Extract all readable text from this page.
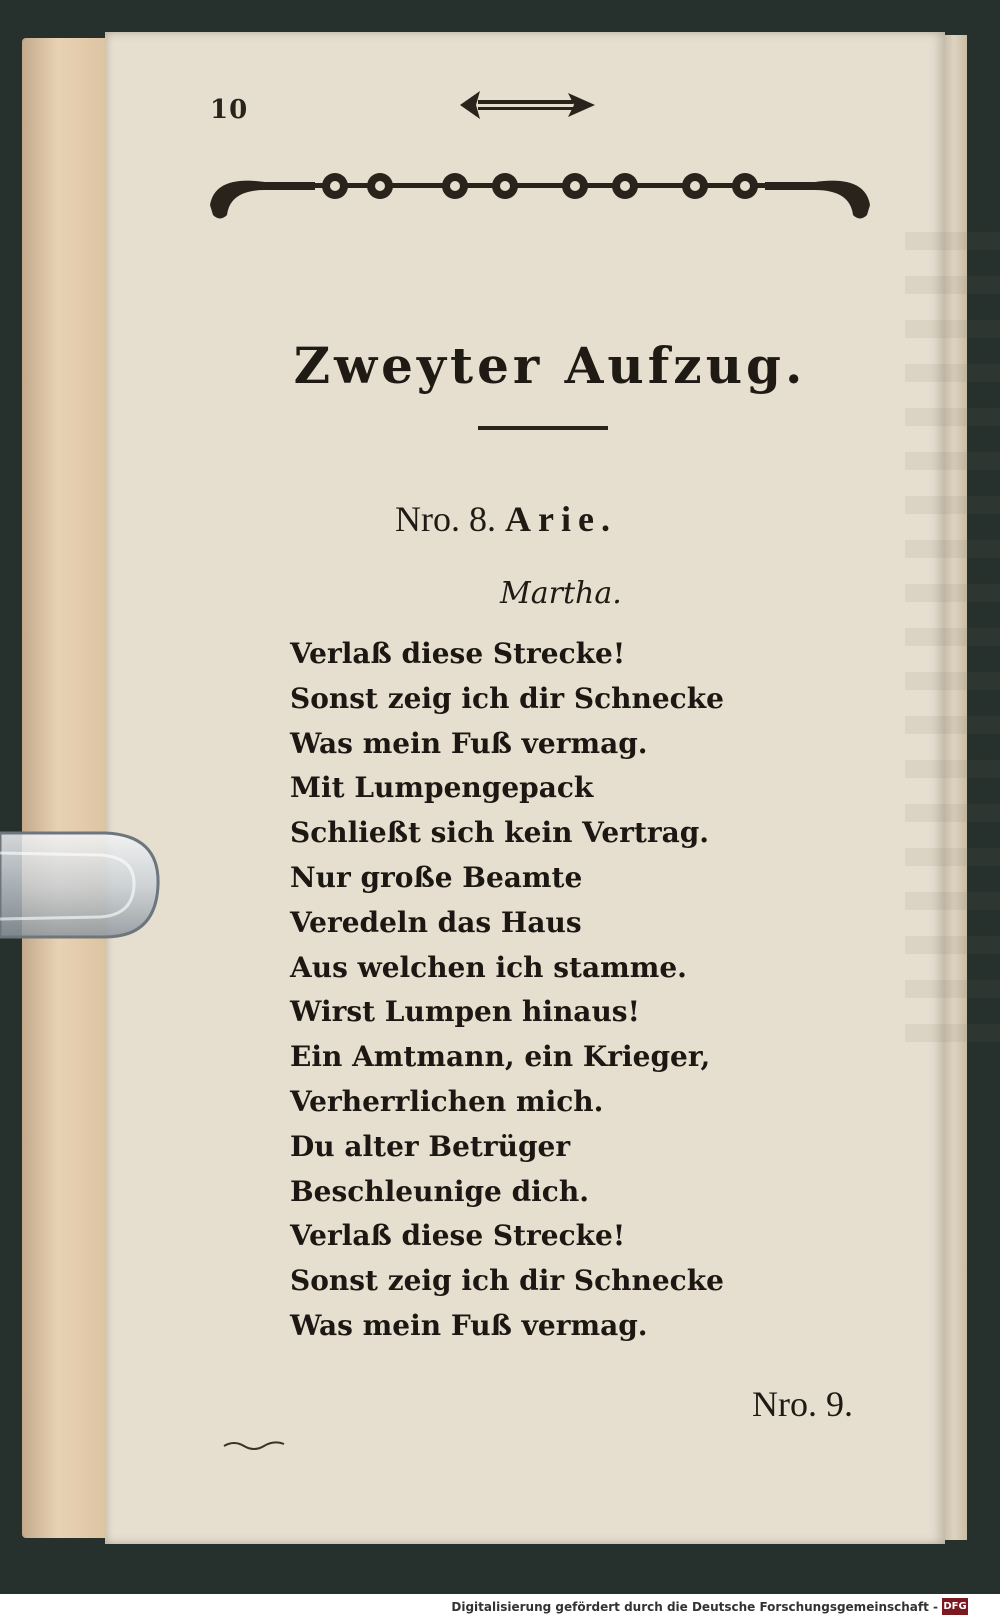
10
Zweyter Aufzug.
Nro. 8. Arie.
Martha.
Verlaß diese Strecke!
Sonst zeig ich dir Schnecke
Was mein Fuß vermag.
Mit Lumpengepack
Schließt sich kein Vertrag.
Nur große Beamte
Veredeln das Haus
Aus welchen ich stamme.
Wirst Lumpen hinaus!
Ein Amtmann, ein Krieger,
Verherrlichen mich.
Du alter Betrüger
Beschleunige dich.
Verlaß diese Strecke!
Sonst zeig ich dir Schnecke
Was mein Fuß vermag.
Nro. 9.
Digitalisierung gefördert durch die Deutsche Forschungsgemeinschaft - DFG
